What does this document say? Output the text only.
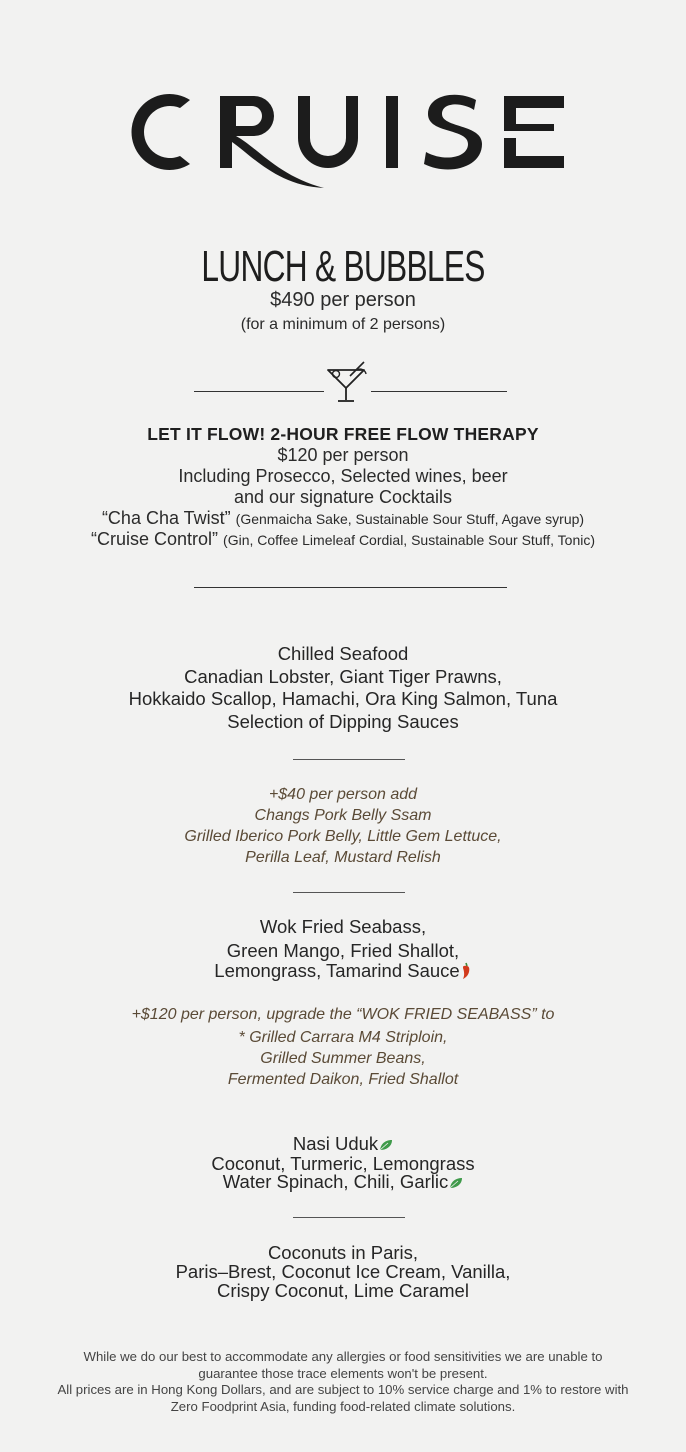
LUNCH & BUBBLES
$490 per person
(for a minimum of 2 persons)
LET IT FLOW! 2-HOUR FREE FLOW THERAPY
$120 per person
Including Prosecco, Selected wines, beer
and our signature Cocktails
“Cha Cha Twist” (Genmaicha Sake, Sustainable Sour Stuff, Agave syrup)
“Cruise Control” (Gin, Coffee Limeleaf Cordial, Sustainable Sour Stuff, Tonic)
Chilled Seafood
Canadian Lobster, Giant Tiger Prawns,
Hokkaido Scallop, Hamachi, Ora King Salmon, Tuna
Selection of Dipping Sauces
+$40 per person add
Changs Pork Belly Ssam
Grilled Iberico Pork Belly, Little Gem Lettuce,
Perilla Leaf, Mustard Relish
Wok Fried Seabass,
Green Mango, Fried Shallot,
Lemongrass, Tamarind Sauce
+$120 per person, upgrade the “WOK FRIED SEABASS” to
* Grilled Carrara M4 Striploin,
Grilled Summer Beans,
Fermented Daikon, Fried Shallot
Nasi Uduk
Coconut, Turmeric, Lemongrass
Water Spinach, Chili, Garlic
Coconuts in Paris,
Paris–Brest, Coconut Ice Cream, Vanilla,
Crispy Coconut, Lime Caramel
While we do our best to accommodate any allergies or food sensitivities we are unable to
guarantee those trace elements won't be present.
All prices are in Hong Kong Dollars, and are subject to 10% service charge and 1% to restore with
Zero Foodprint Asia, funding food-related climate solutions.
